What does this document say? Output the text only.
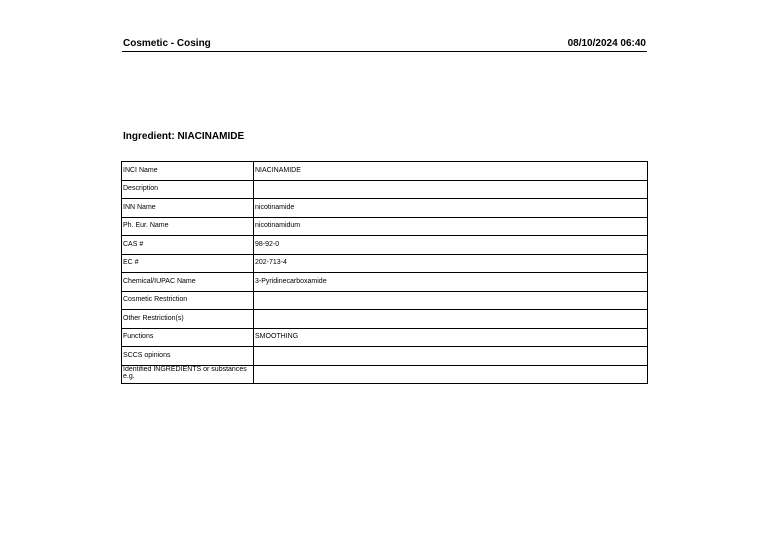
Cosmetic - Cosing	08/10/2024 06:40
Ingredient: NIACINAMIDE
INCI Name	NIACINAMIDE
Description	
INN Name	nicotinamide
Ph. Eur. Name	nicotinamidum
CAS #	98-92-0
EC #	202-713-4
Chemical/IUPAC Name	3-Pyridinecarboxamide
Cosmetic Restriction	
Other Restriction(s)	
Functions	SMOOTHING
SCCS opinions	
Identified INGREDIENTS or substances e.g.	
